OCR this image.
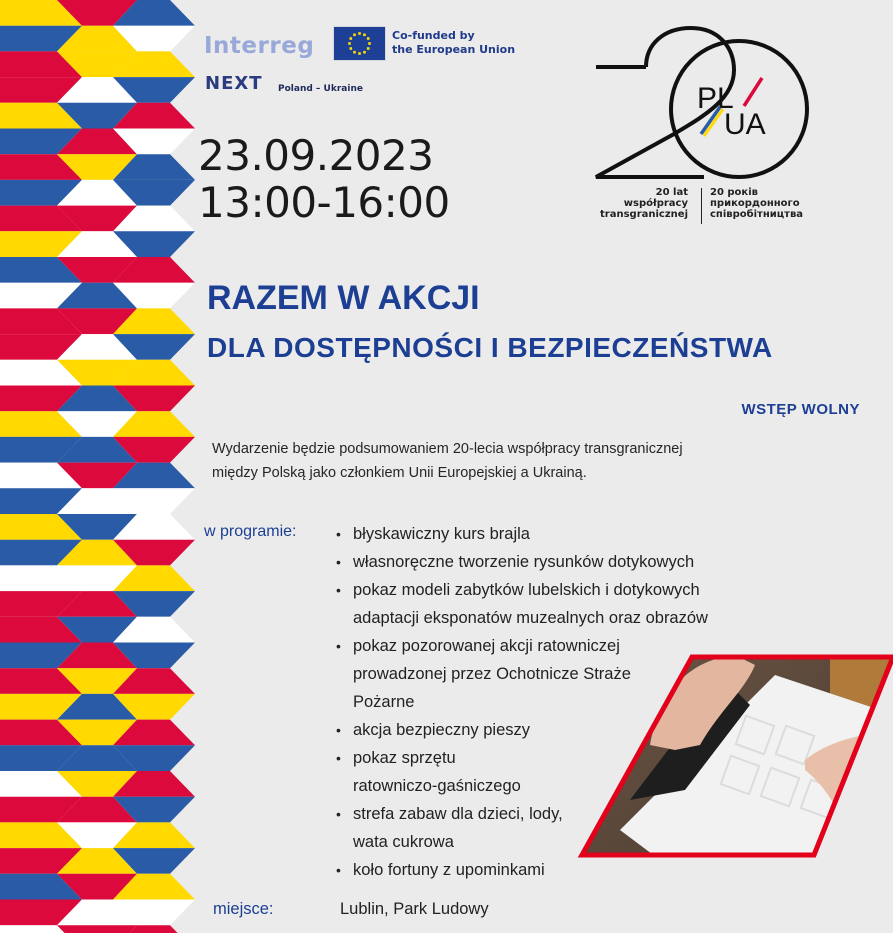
Interreg
NEXT Poland – Ukraine
Co-funded by
the European Union
23.09.2023
13:00-16:00
PL
UA
20 lat
współpracy
transgranicznej
20 років
прикордонного
співробітництва
RAZEM W AKCJI
DLA DOSTĘPNOŚCI I BEZPIECZEŃSTWA
WSTĘP WOLNY
Wydarzenie będzie podsumowaniem 20-lecia współpracy transgranicznej
między Polską jako członkiem Unii Europejskiej a Ukrainą.
w programie:	• błyskawiczny kurs brajla
• własnoręczne tworzenie rysunków dotykowych
• pokaz modeli zabytków lubelskich i dotykowych
adaptacji eksponatów muzealnych oraz obrazów
• pokaz pozorowanej akcji ratowniczej
prowadzonej przez Ochotnicze Straże
Pożarne
• akcja bezpieczny pieszy
• pokaz sprzętu
ratowniczo-gaśniczego
• strefa zabaw dla dzieci, lody,
wata cukrowa
• koło fortuny z upominkami
miejsce:	Lublin, Park Ludowy
